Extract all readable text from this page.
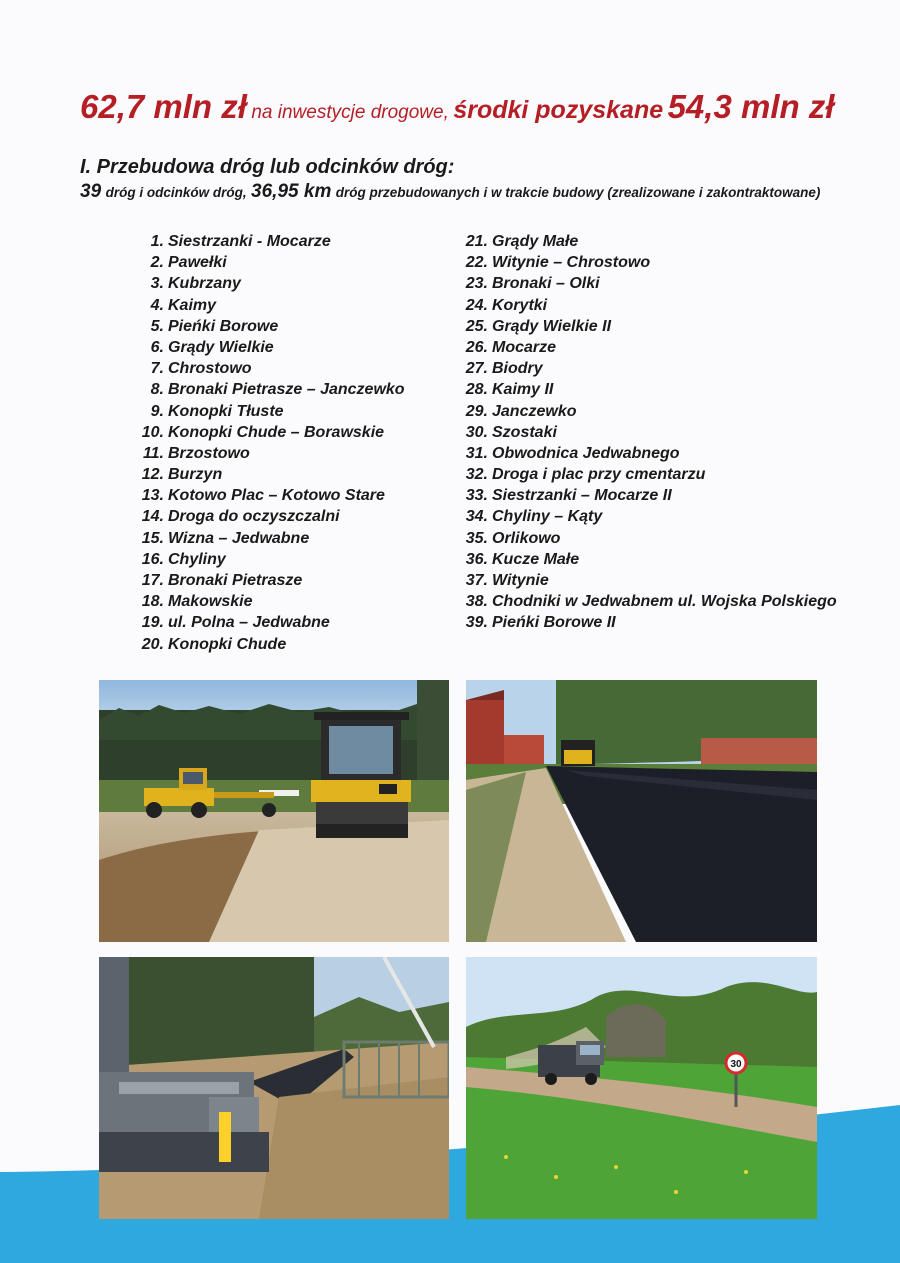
62,7 mln zł na inwestycje drogowe, środki pozyskane 54,3 mln zł
I. Przebudowa dróg lub odcinków dróg:
39 dróg i odcinków dróg, 36,95 km dróg przebudowanych i w trakcie budowy (zrealizowane i zakontraktowane)
1. Siestrzanki - Mocarze
2. Pawełki
3. Kubrzany
4. Kaimy
5. Pieńki Borowe
6. Grądy Wielkie
7. Chrostowo
8. Bronaki Pietrasze – Janczewko
9. Konopki Tłuste
10. Konopki Chude – Borawskie
11. Brzostowo
12. Burzyn
13. Kotowo Plac – Kotowo Stare
14. Droga do oczyszczalni
15. Wizna – Jedwabne
16. Chyliny
17. Bronaki Pietrasze
18. Makowskie
19. ul. Polna – Jedwabne
20. Konopki Chude
21. Grądy Małe
22. Witynie – Chrostowo
23. Bronaki – Olki
24. Korytki
25. Grądy Wielkie II
26. Mocarze
27. Biodry
28. Kaimy II
29. Janczewko
30. Szostaki
31. Obwodnica Jedwabnego
32. Droga i plac przy cmentarzu
33. Siestrzanki – Mocarze II
34. Chyliny – Kąty
35. Orlikowo
36. Kucze Małe
37. Witynie
38. Chodniki w Jedwabnem ul. Wojska Polskiego
39. Pieńki Borowe II
30
